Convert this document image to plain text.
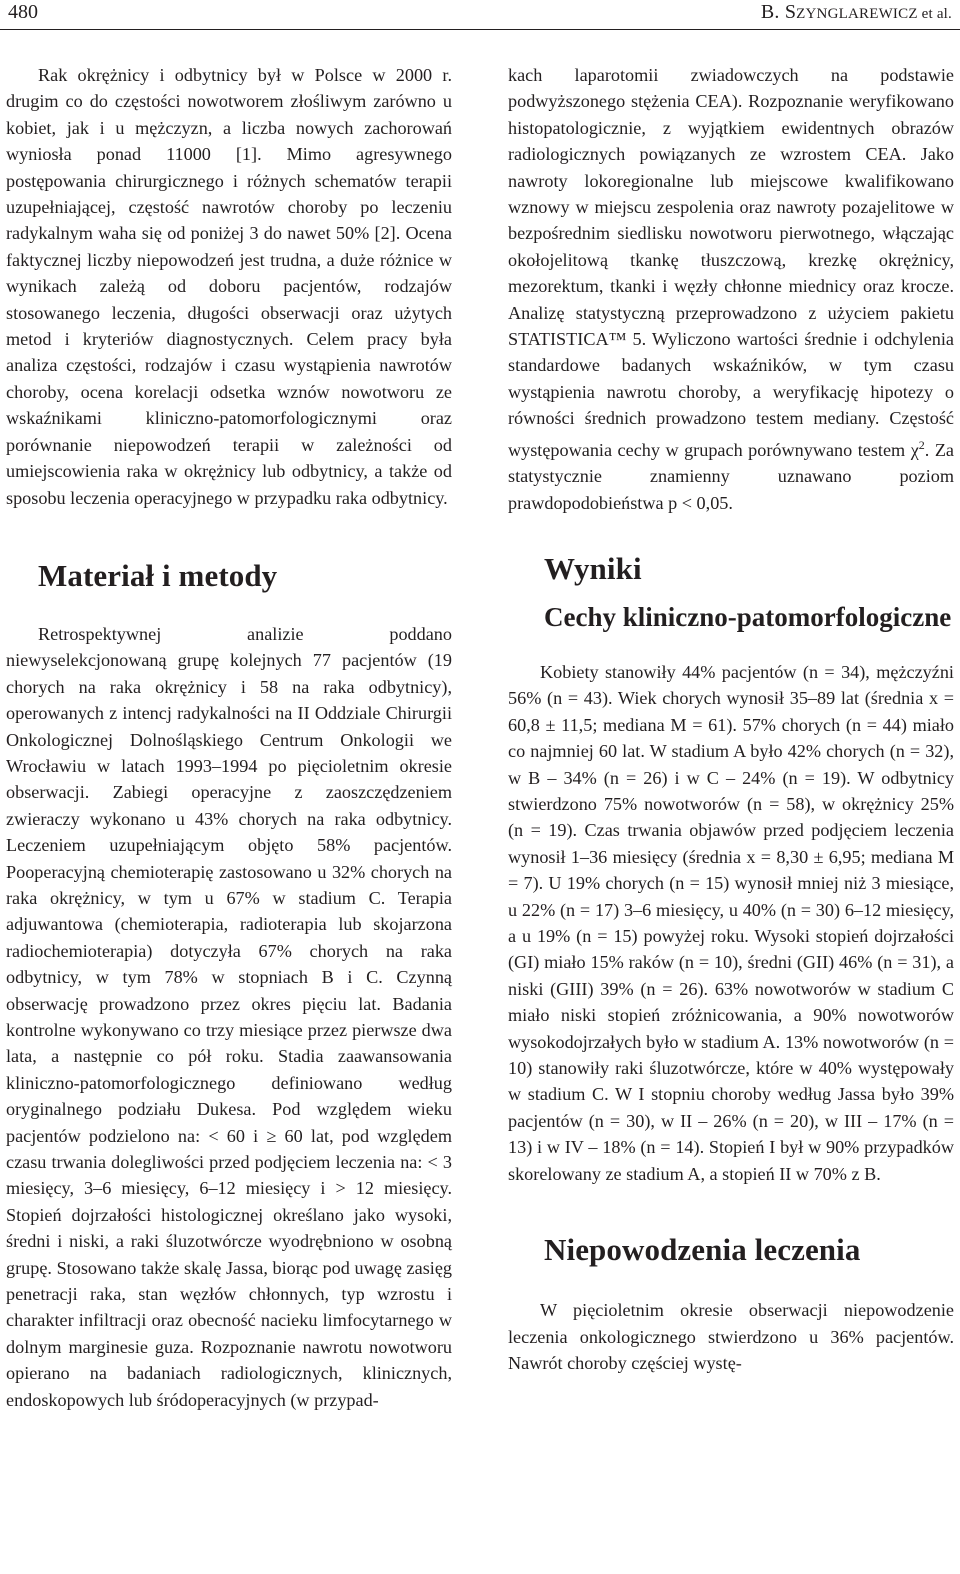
480	B. SZYNGLAREWICZ et al.

Rak okrężnicy i odbytnicy był w Polsce w 2000 r. drugim co do częstości nowotworem złośliwym zarówno u kobiet, jak i u mężczyzn, a liczba nowych zachorowań wyniosła ponad 11000 [1]. Mimo agresywnego postępowania chirurgicznego i różnych schematów terapii uzupełniającej, częstość nawrotów choroby po leczeniu radykalnym waha się od poniżej 3 do nawet 50% [2]. Ocena faktycznej liczby niepowodzeń jest trudna, a duże różnice w wynikach zależą od doboru pacjentów, rodzajów stosowanego leczenia, długości obserwacji oraz użytych metod i kryteriów diagnostycznych. Celem pracy była analiza częstości, rodzajów i czasu wystąpienia nawrotów choroby, ocena korelacji odsetka wznów nowotworu ze wskaźnikami kliniczno-patomorfologicznymi oraz porównanie niepowodzeń terapii w zależności od umiejscowienia raka w okrężnicy lub odbytnicy, a także od sposobu leczenia operacyjnego w przypadku raka odbytnicy.

Materiał i metody

Retrospektywnej analizie poddano niewyselekcjonowaną grupę kolejnych 77 pacjentów (19 chorych na raka okrężnicy i 58 na raka odbytnicy), operowanych z intencj radykalności na II Oddziale Chirurgii Onkologicznej Dolnośląskiego Centrum Onkologii we Wrocławiu w latach 1993–1994 po pięcioletnim okresie obserwacji. Zabiegi operacyjne z zaoszczędzeniem zwieraczy wykonano u 43% chorych na raka odbytnicy. Leczeniem uzupełniającym objęto 58% pacjentów. Pooperacyjną chemioterapię zastosowano u 32% chorych na raka okrężnicy, w tym u 67% w stadium C. Terapia adjuwantowa (chemioterapia, radioterapia lub skojarzona radiochemioterapia) dotyczyła 67% chorych na raka odbytnicy, w tym 78% w stopniach B i C. Czynną obserwację prowadzono przez okres pięciu lat. Badania kontrolne wykonywano co trzy miesiące przez pierwsze dwa lata, a następnie co pół roku. Stadia zaawansowania kliniczno-patomorfologicznego definiowano według oryginalnego podziału Dukesa. Pod względem wieku pacjentów podzielono na: < 60 i ≥ 60 lat, pod względem czasu trwania dolegliwości przed podjęciem leczenia na: < 3 miesięcy, 3–6 miesięcy, 6–12 miesięcy i > 12 miesięcy. Stopień dojrzałości histologicznej określano jako wysoki, średni i niski, a raki śluzotwórcze wyodrębniono w osobną grupę. Stosowano także skalę Jassa, biorąc pod uwagę zasięg penetracji raka, stan węzłów chłonnych, typ wzrostu i charakter infiltracji oraz obecność nacieku limfocytarnego w dolnym marginesie guza. Rozpoznanie nawrotu nowotworu opierano na badaniach radiologicznych, klinicznych, endoskopowych lub śródoperacyjnych (w przypad-

kach laparotomii zwiadowczych na podstawie podwyższonego stężenia CEA). Rozpoznanie weryfikowano histopatologicznie, z wyjątkiem ewidentnych obrazów radiologicznych powiązanych ze wzrostem CEA. Jako nawroty lokoregionalne lub miejscowe kwalifikowano wznowy w miejscu zespolenia oraz nawroty pozajelitowe w bezpośrednim siedlisku nowotworu pierwotnego, włączając okołojelitową tkankę tłuszczową, krezkę okrężnicy, mezorektum, tkanki i węzły chłonne miednicy oraz krocze. Analizę statystyczną przeprowadzono z użyciem pakietu STATISTICA™ 5. Wyliczono wartości średnie i odchylenia standardowe badanych wskaźników, w tym czasu wystąpienia nawrotu choroby, a weryfikację hipotezy o równości średnich prowadzono testem mediany. Częstość występowania cechy w grupach porównywano testem $\chi^2$. Za statystycznie znamienny uznawano poziom prawdopodobieństwa p < 0,05.

Wyniki
Cechy kliniczno-patomorfologiczne

Kobiety stanowiły 44% pacjentów (n = 34), mężczyźni 56% (n = 43). Wiek chorych wynosił 35–89 lat (średnia x = 60,8 ± 11,5; mediana M = 61). 57% chorych (n = 44) miało co najmniej 60 lat. W stadium A było 42% chorych (n = 32), w B – 34% (n = 26) i w C – 24% (n = 19). W odbytnicy stwierdzono 75% nowotworów (n = 58), w okrężnicy 25% (n = 19). Czas trwania objawów przed podjęciem leczenia wynosił 1–36 miesięcy (średnia x = 8,30 ± 6,95; mediana M = 7). U 19% chorych (n = 15) wynosił mniej niż 3 miesiące, u 22% (n = 17) 3–6 miesięcy, u 40% (n = 30) 6–12 miesięcy, a u 19% (n = 15) powyżej roku. Wysoki stopień dojrzałości (GI) miało 15% raków (n = 10), średni (GII) 46% (n = 31), a niski (GIII) 39% (n = 26). 63% nowotworów w stadium C miało niski stopień zróżnicowania, a 90% nowotworów wysokodojrzałych było w stadium A. 13% nowotworów (n = 10) stanowiły raki śluzotwórcze, które w 40% występowały w stadium C. W I stopniu choroby według Jassa było 39% pacjentów (n = 30), w II – 26% (n = 20), w III – 17% (n = 13) i w IV – 18% (n = 14). Stopień I był w 90% przypadków skorelowany ze stadium A, a stopień II w 70% z B.

Niepowodzenia leczenia

W pięcioletnim okresie obserwacji niepowodzenie leczenia onkologicznego stwierdzono u 36% pacjentów. Nawrót choroby częściej wystę-
